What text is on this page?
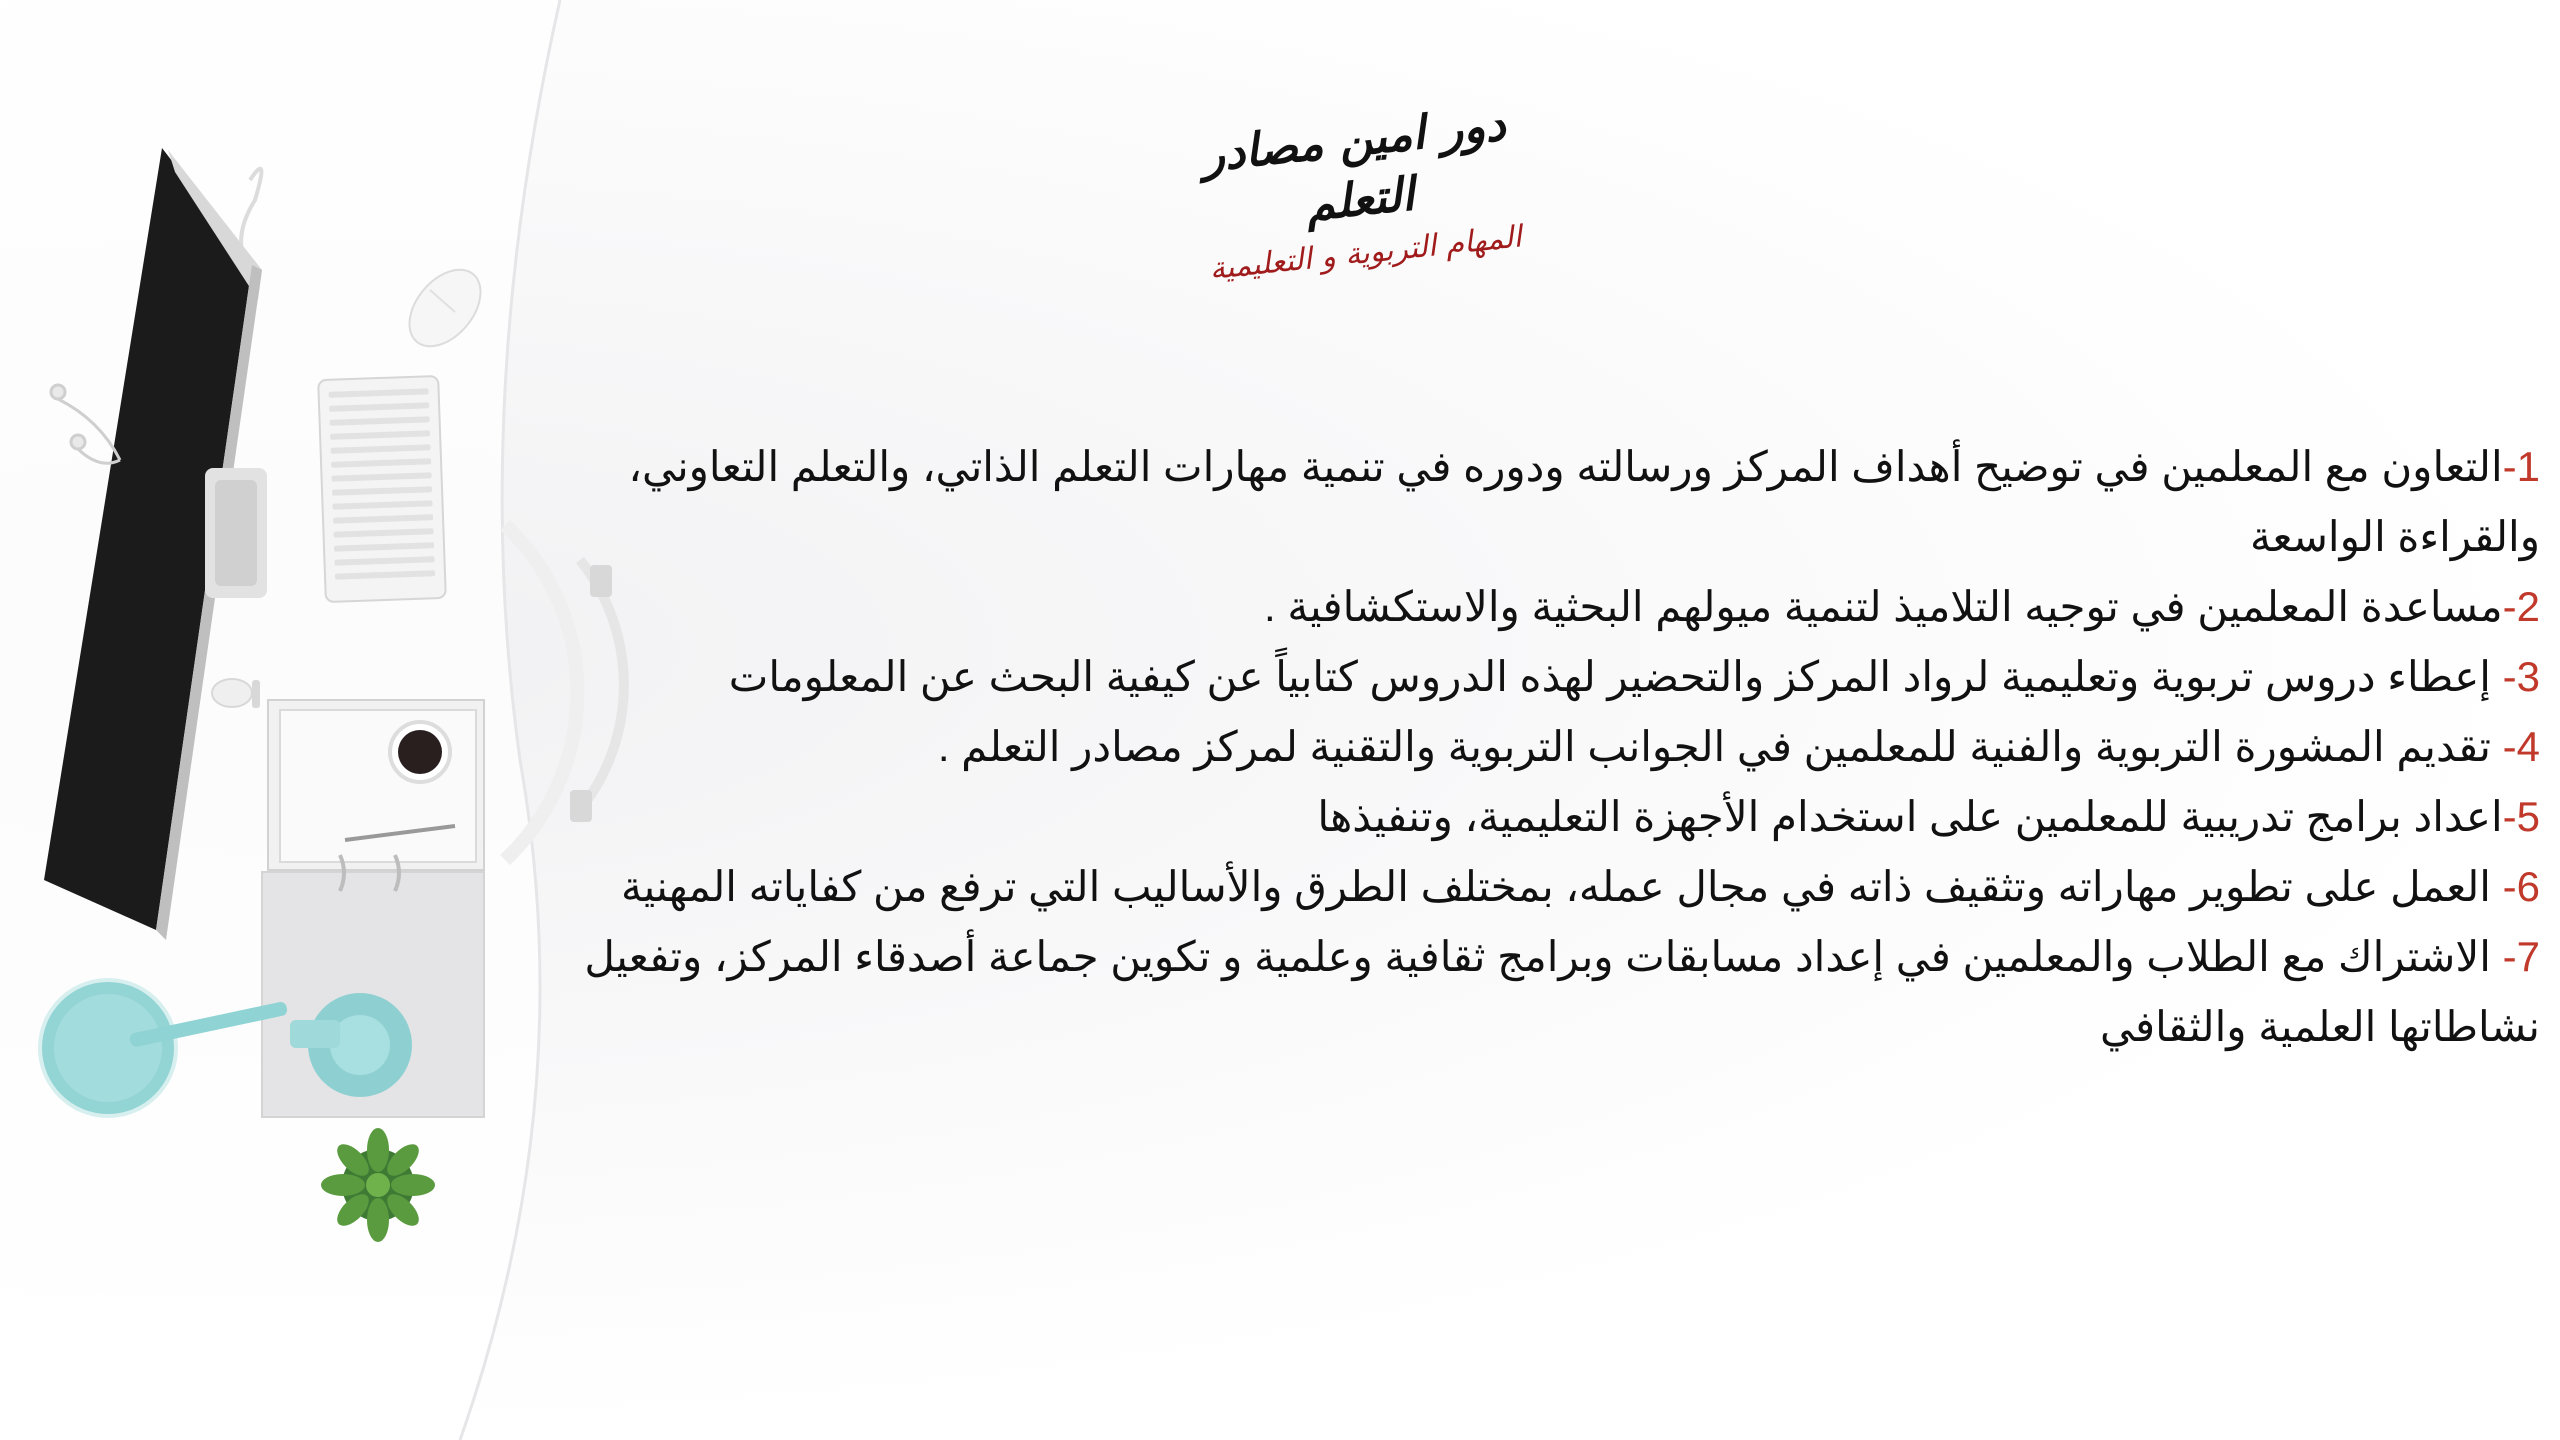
دور امين مصادر التعلم
المهام التربوية و التعليمية

1-التعاون مع المعلمين في توضيح أهداف المركز ورسالته ودوره في تنمية مهارات التعلم الذاتي، والتعلم التعاوني، والقراءة الواسعة

2-مساعدة المعلمين في توجيه التلاميذ لتنمية ميولهم البحثية والاستكشافية .

3- إعطاء دروس تربوية وتعليمية لرواد المركز والتحضير لهذه الدروس كتابياً عن كيفية البحث عن المعلومات

4- تقديم المشورة التربوية والفنية للمعلمين في الجوانب التربوية والتقنية لمركز مصادر التعلم .

5-اعداد برامج تدريبية للمعلمين على استخدام الأجهزة التعليمية، وتنفيذها

6- العمل على تطوير مهاراته وتثقيف ذاته في مجال عمله، بمختلف الطرق والأساليب التي ترفع من كفاياته المهنية

7- الاشتراك مع الطلاب والمعلمين في إعداد مسابقات وبرامج ثقافية وعلمية و تكوين جماعة أصدقاء المركز، وتفعيل نشاطاتها العلمية والثقافي
